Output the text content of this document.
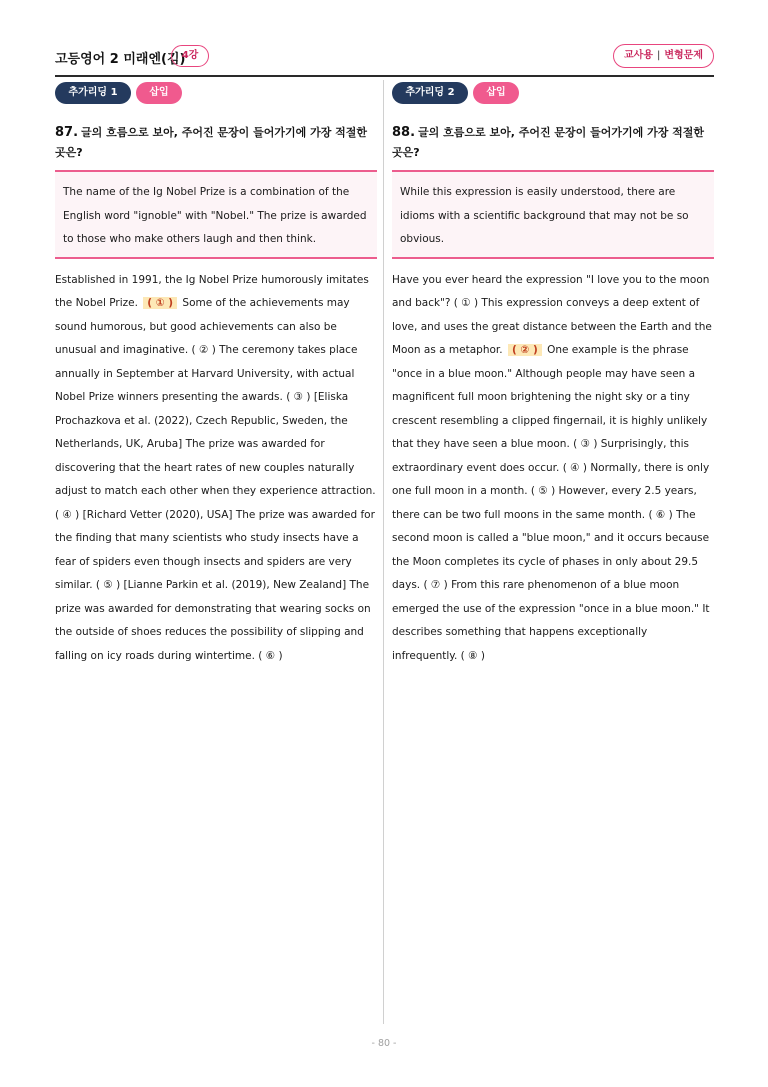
고등영어 2 미래엔(김)
4강	교사용 | 변형문제
추가리딩 1	삽입
87. 글의 흐름으로 보아, 주어진 문장이 들어가기에 가장 적절한 곳은?
The name of the Ig Nobel Prize is a combination of the English word "ignoble" with "Nobel." The prize is awarded to those who make others laugh and then think.
Established in 1991, the Ig Nobel Prize humorously imitates the Nobel Prize. ( ① ) Some of the achievements may sound humorous, but good achievements can also be unusual and imaginative. ( ② ) The ceremony takes place annually in September at Harvard University, with actual Nobel Prize winners presenting the awards. ( ③ ) [Eliska Prochazkova et al. (2022), Czech Republic, Sweden, the Netherlands, UK, Aruba] The prize was awarded for discovering that the heart rates of new couples naturally adjust to match each other when they experience attraction. ( ④ ) [Richard Vetter (2020), USA] The prize was awarded for the finding that many scientists who study insects have a fear of spiders even though insects and spiders are very similar. ( ⑤ ) [Lianne Parkin et al. (2019), New Zealand] The prize was awarded for demonstrating that wearing socks on the outside of shoes reduces the possibility of slipping and falling on icy roads during wintertime. ( ⑥ )
추가리딩 2	삽입
88. 글의 흐름으로 보아, 주어진 문장이 들어가기에 가장 적절한 곳은?
While this expression is easily understood, there are idioms with a scientific background that may not be so obvious.
Have you ever heard the expression "I love you to the moon and back"? ( ① ) This expression conveys a deep extent of love, and uses the great distance between the Earth and the Moon as a metaphor. ( ② ) One example is the phrase "once in a blue moon." Although people may have seen a magnificent full moon brightening the night sky or a tiny crescent resembling a clipped fingernail, it is highly unlikely that they have seen a blue moon. ( ③ ) Surprisingly, this extraordinary event does occur. ( ④ ) Normally, there is only one full moon in a month. ( ⑤ ) However, every 2.5 years, there can be two full moons in the same month. ( ⑥ ) The second moon is called a "blue moon," and it occurs because the Moon completes its cycle of phases in only about 29.5 days. ( ⑦ ) From this rare phenomenon of a blue moon emerged the use of the expression "once in a blue moon." It describes something that happens exceptionally infrequently. ( ⑧ )
- 80 -
